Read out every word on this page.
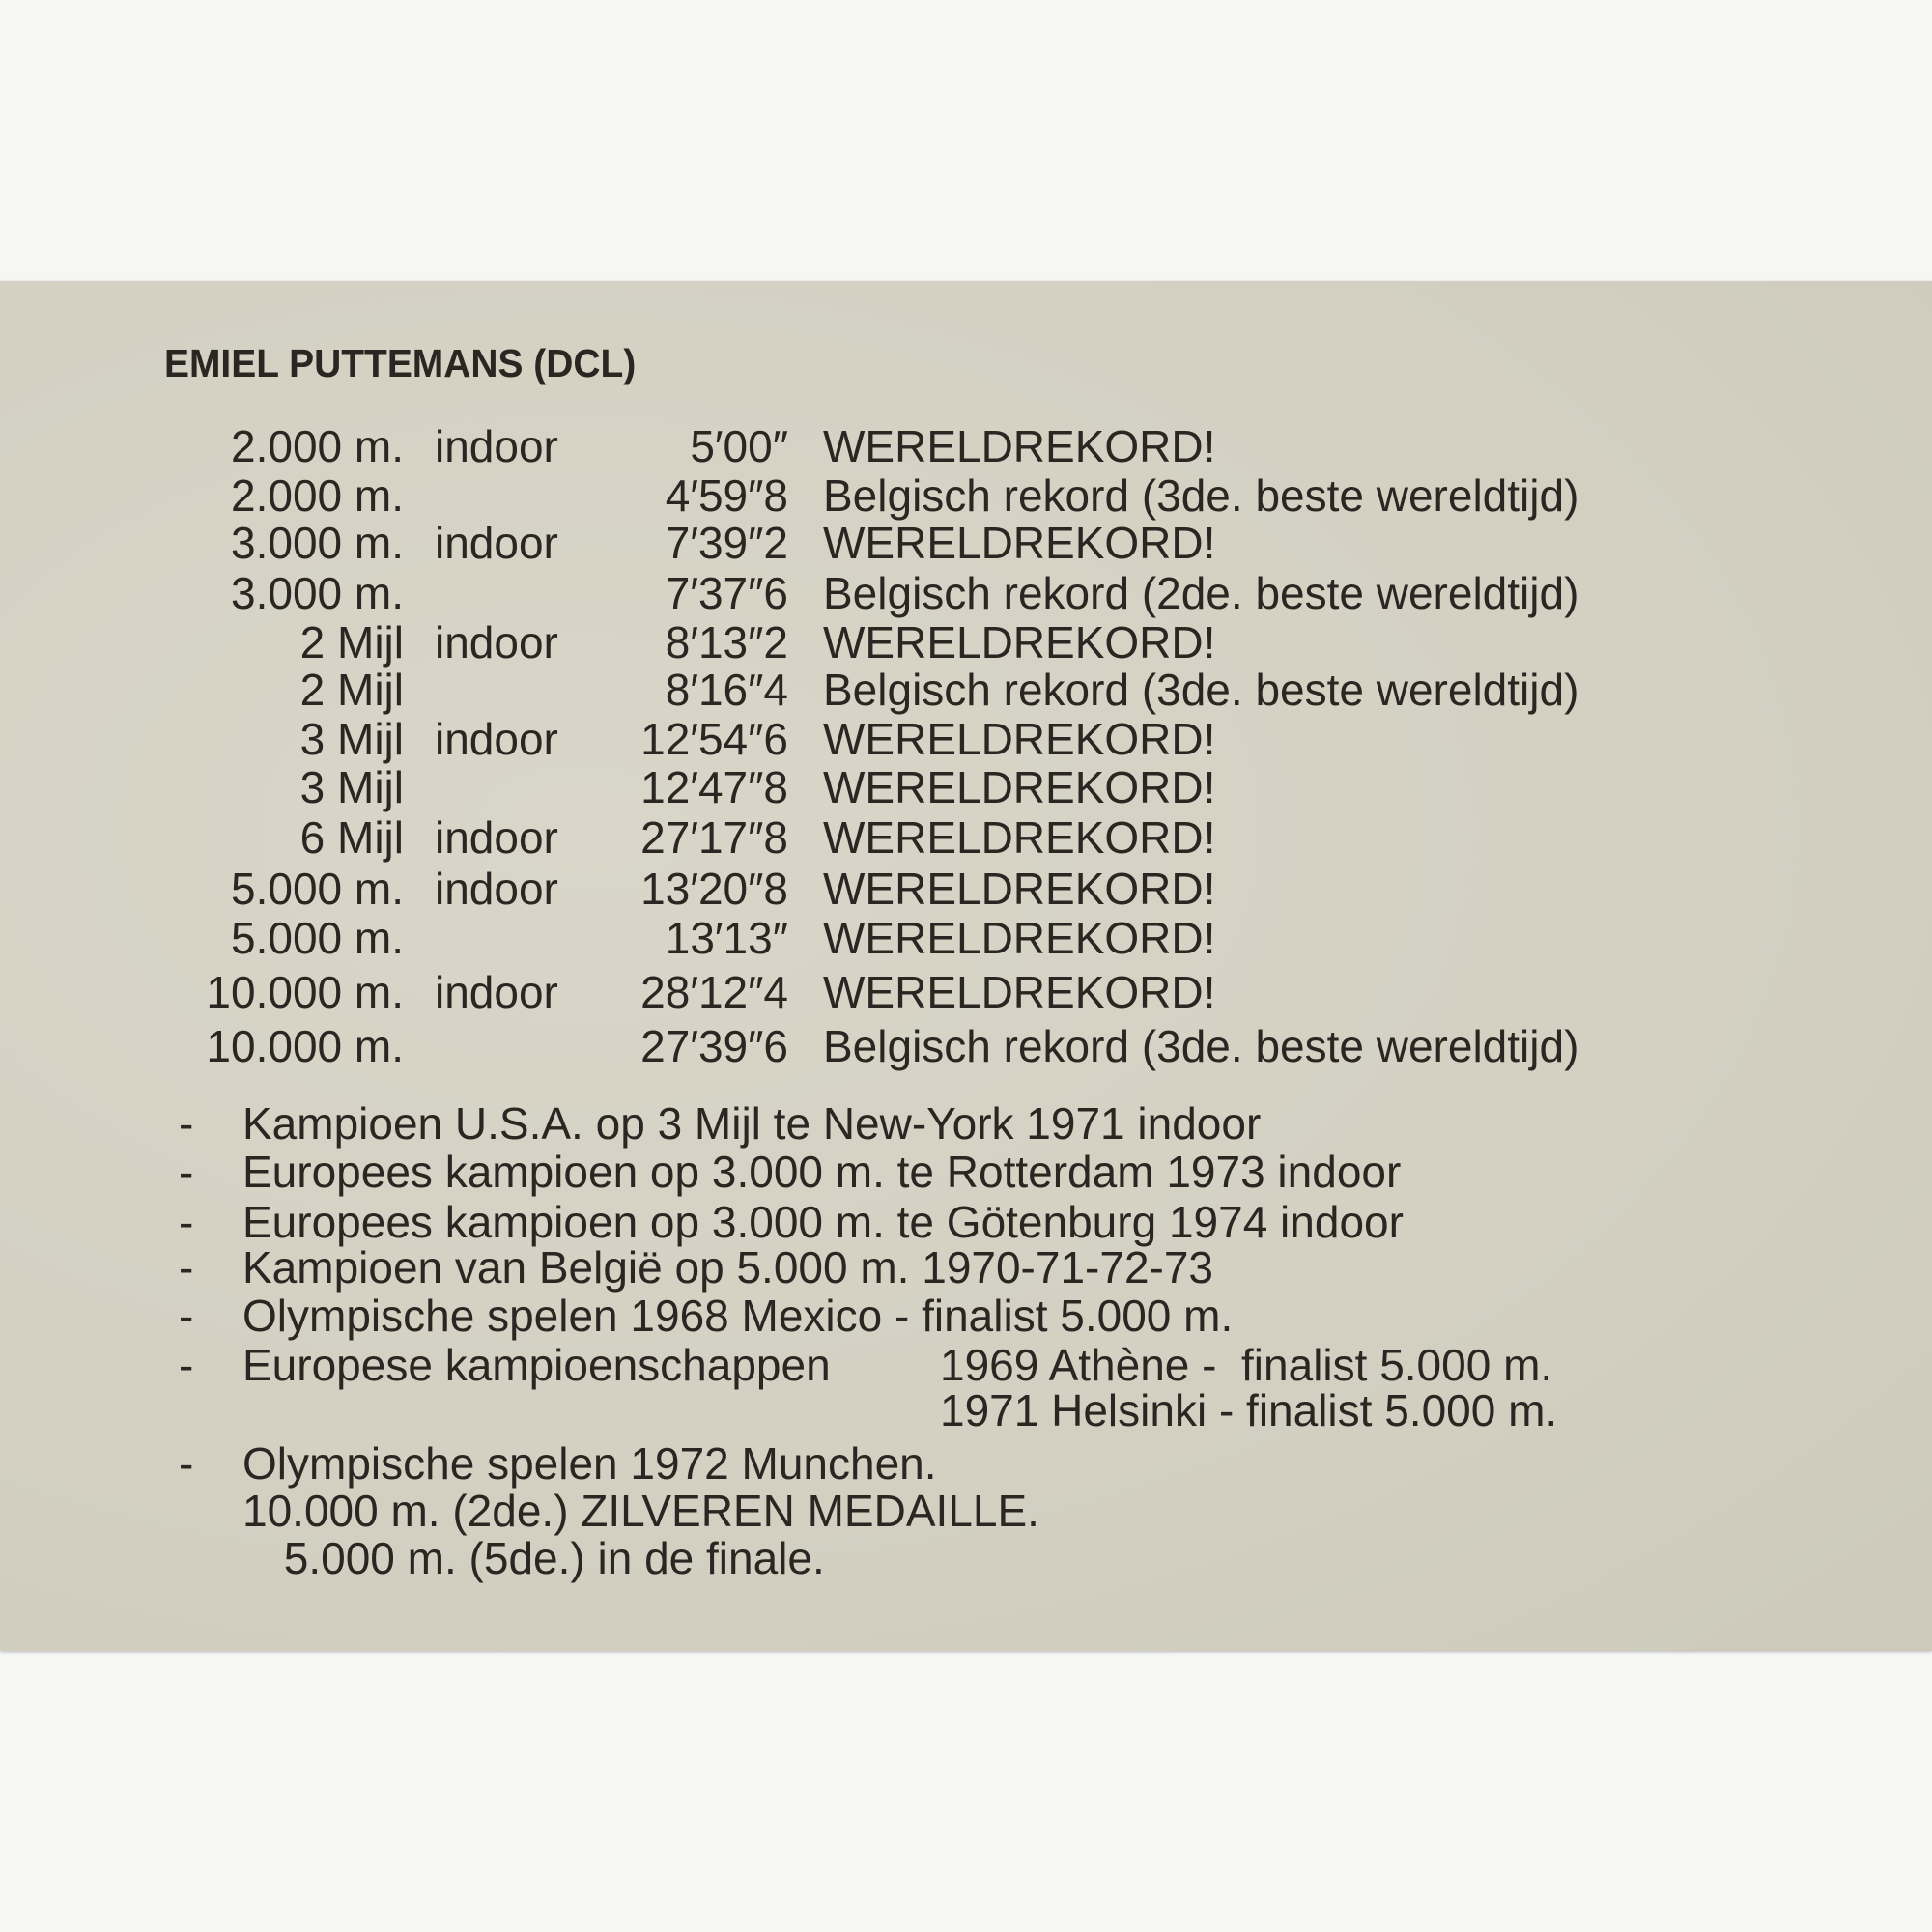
EMIEL PUTTEMANS (DCL)
2.000 m. indoor	5′00″ WERELDREKORD!
2.000 m.	4′59″8 Belgisch rekord (3de. beste wereldtijd)
3.000 m. indoor 7′39″2 WERELDREKORD!
3.000 m.	7′37″6 Belgisch rekord (2de. beste wereldtijd)
2 Mijl indoor 8′13″2 WERELDREKORD!
2 Mijl	8′16″4 Belgisch rekord (3de. beste wereldtijd)
3 Mijl indoor 12′54″6 WERELDREKORD!
3 Mijl	12′47″8 WERELDREKORD!
6 Mijl indoor 27′17″8 WERELDREKORD!
5.000 m. indoor 13′20″8 WERELDREKORD!
5.000 m.	13′13″ WERELDREKORD!
10.000 m. indoor 28′12″4 WERELDREKORD!
10.000 m.	27′39″6 Belgisch rekord (3de. beste wereldtijd)
- Kampioen U.S.A. op 3 Mijl te New-York 1971 indoor
- Europees kampioen op 3.000 m. te Rotterdam 1973 indoor
- Europees kampioen op 3.000 m. te Götenburg 1974 indoor
- Kampioen van België op 5.000 m. 1970-71-72-73
- Olympische spelen 1968 Mexico - finalist 5.000 m.
- Europese kampioenschappen 1969 Athène -  finalist 5.000 m.
1971 Helsinki - finalist 5.000 m.
- Olympische spelen 1972 Munchen.
10.000 m. (2de.) ZILVEREN MEDAILLE.
5.000 m. (5de.) in de finale.
